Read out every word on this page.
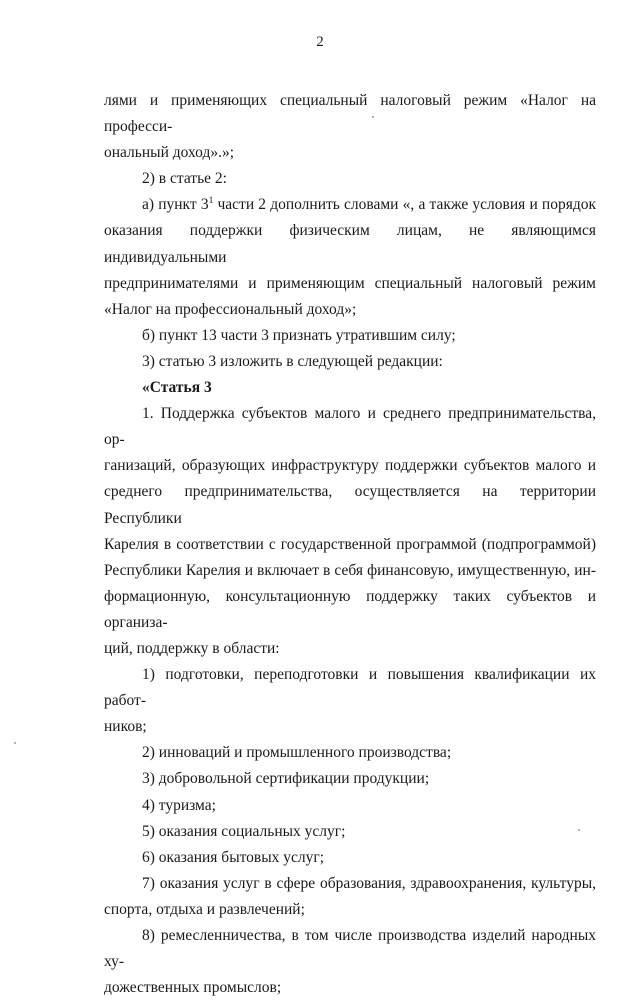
2

лями и применяющих специальный налоговый режим «Налог на професси-

ональный доход».»;

2) в статье 2:

а) пункт $3^1$ части 2 дополнить словами «, а также условия и порядок

оказания поддержки физическим лицам, не являющимся индивидуальными

предпринимателями и применяющим специальный налоговый режим

«Налог на профессиональный доход»;

б) пункт 13 части 3 признать утратившим силу;

3) статью 3 изложить в следующей редакции:

«Статья 3

1. Поддержка субъектов малого и среднего предпринимательства, ор-

ганизаций, образующих инфраструктуру поддержки субъектов малого и

среднего предпринимательства, осуществляется на территории Республики

Карелия в соответствии с государственной программой (подпрограммой)

Республики Карелия и включает в себя финансовую, имущественную, ин-

формационную, консультационную поддержку таких субъектов и организа-

ций, поддержку в области:

1) подготовки, переподготовки и повышения квалификации их работ-

ников;

2) инноваций и промышленного производства;

3) добровольной сертификации продукции;

4) туризма;

5) оказания социальных услуг;

6) оказания бытовых услуг;

7) оказания услуг в сфере образования, здравоохранения, культуры,

спорта, отдыха и развлечений;

8) ремесленничества, в том числе производства изделий народных ху-

дожественных промыслов;
